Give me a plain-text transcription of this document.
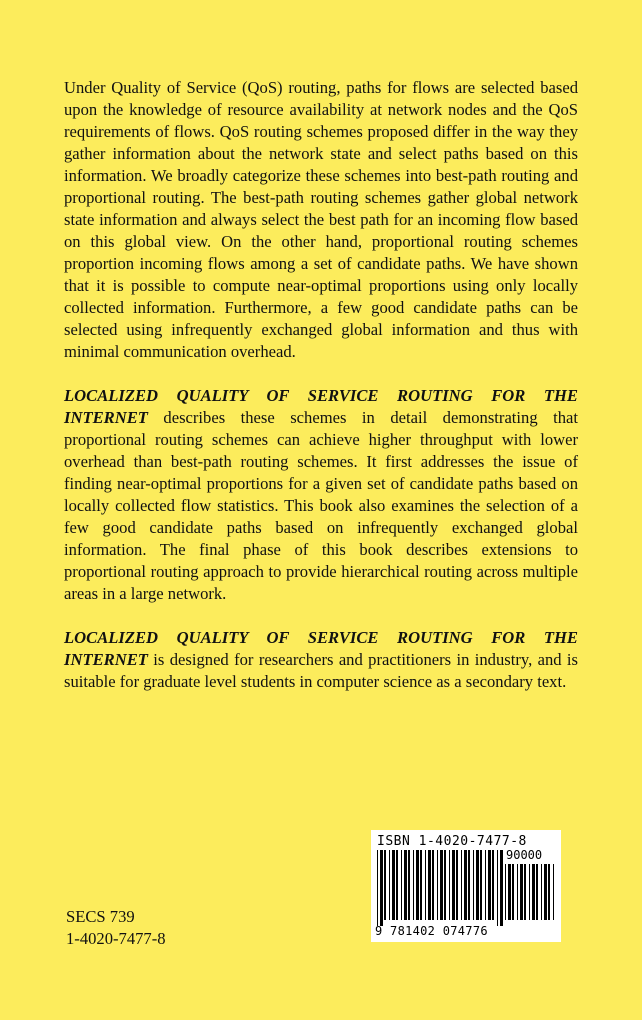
Under Quality of Service (QoS) routing, paths for flows are selected based upon the knowledge of resource availability at network nodes and the QoS requirements of flows. QoS routing schemes proposed differ in the way they gather information about the network state and select paths based on this information. We broadly categorize these schemes into best-path routing and proportional routing. The best-path routing schemes gather global network state information and always select the best path for an incoming flow based on this global view. On the other hand, proportional routing schemes proportion incoming flows among a set of candidate paths. We have shown that it is possible to compute near-optimal proportions using only locally collected information. Furthermore, a few good candidate paths can be selected using infrequently exchanged global information and thus with minimal communication overhead.

LOCALIZED QUALITY OF SERVICE ROUTING FOR THE INTERNET describes these schemes in detail demonstrating that proportional routing schemes can achieve higher throughput with lower overhead than best-path routing schemes. It first addresses the issue of finding near-optimal proportions for a given set of candidate paths based on locally collected flow statistics. This book also examines the selection of a few good candidate paths based on infrequently exchanged global information. The final phase of this book describes extensions to proportional routing approach to provide hierarchical routing across multiple areas in a large network.

LOCALIZED QUALITY OF SERVICE ROUTING FOR THE INTERNET is designed for researchers and practitioners in industry, and is suitable for graduate level students in computer science as a secondary text.

SECS 739
1-4020-7477-8
ISBN 1-4020-7477-8
90000
9 781402 074776
